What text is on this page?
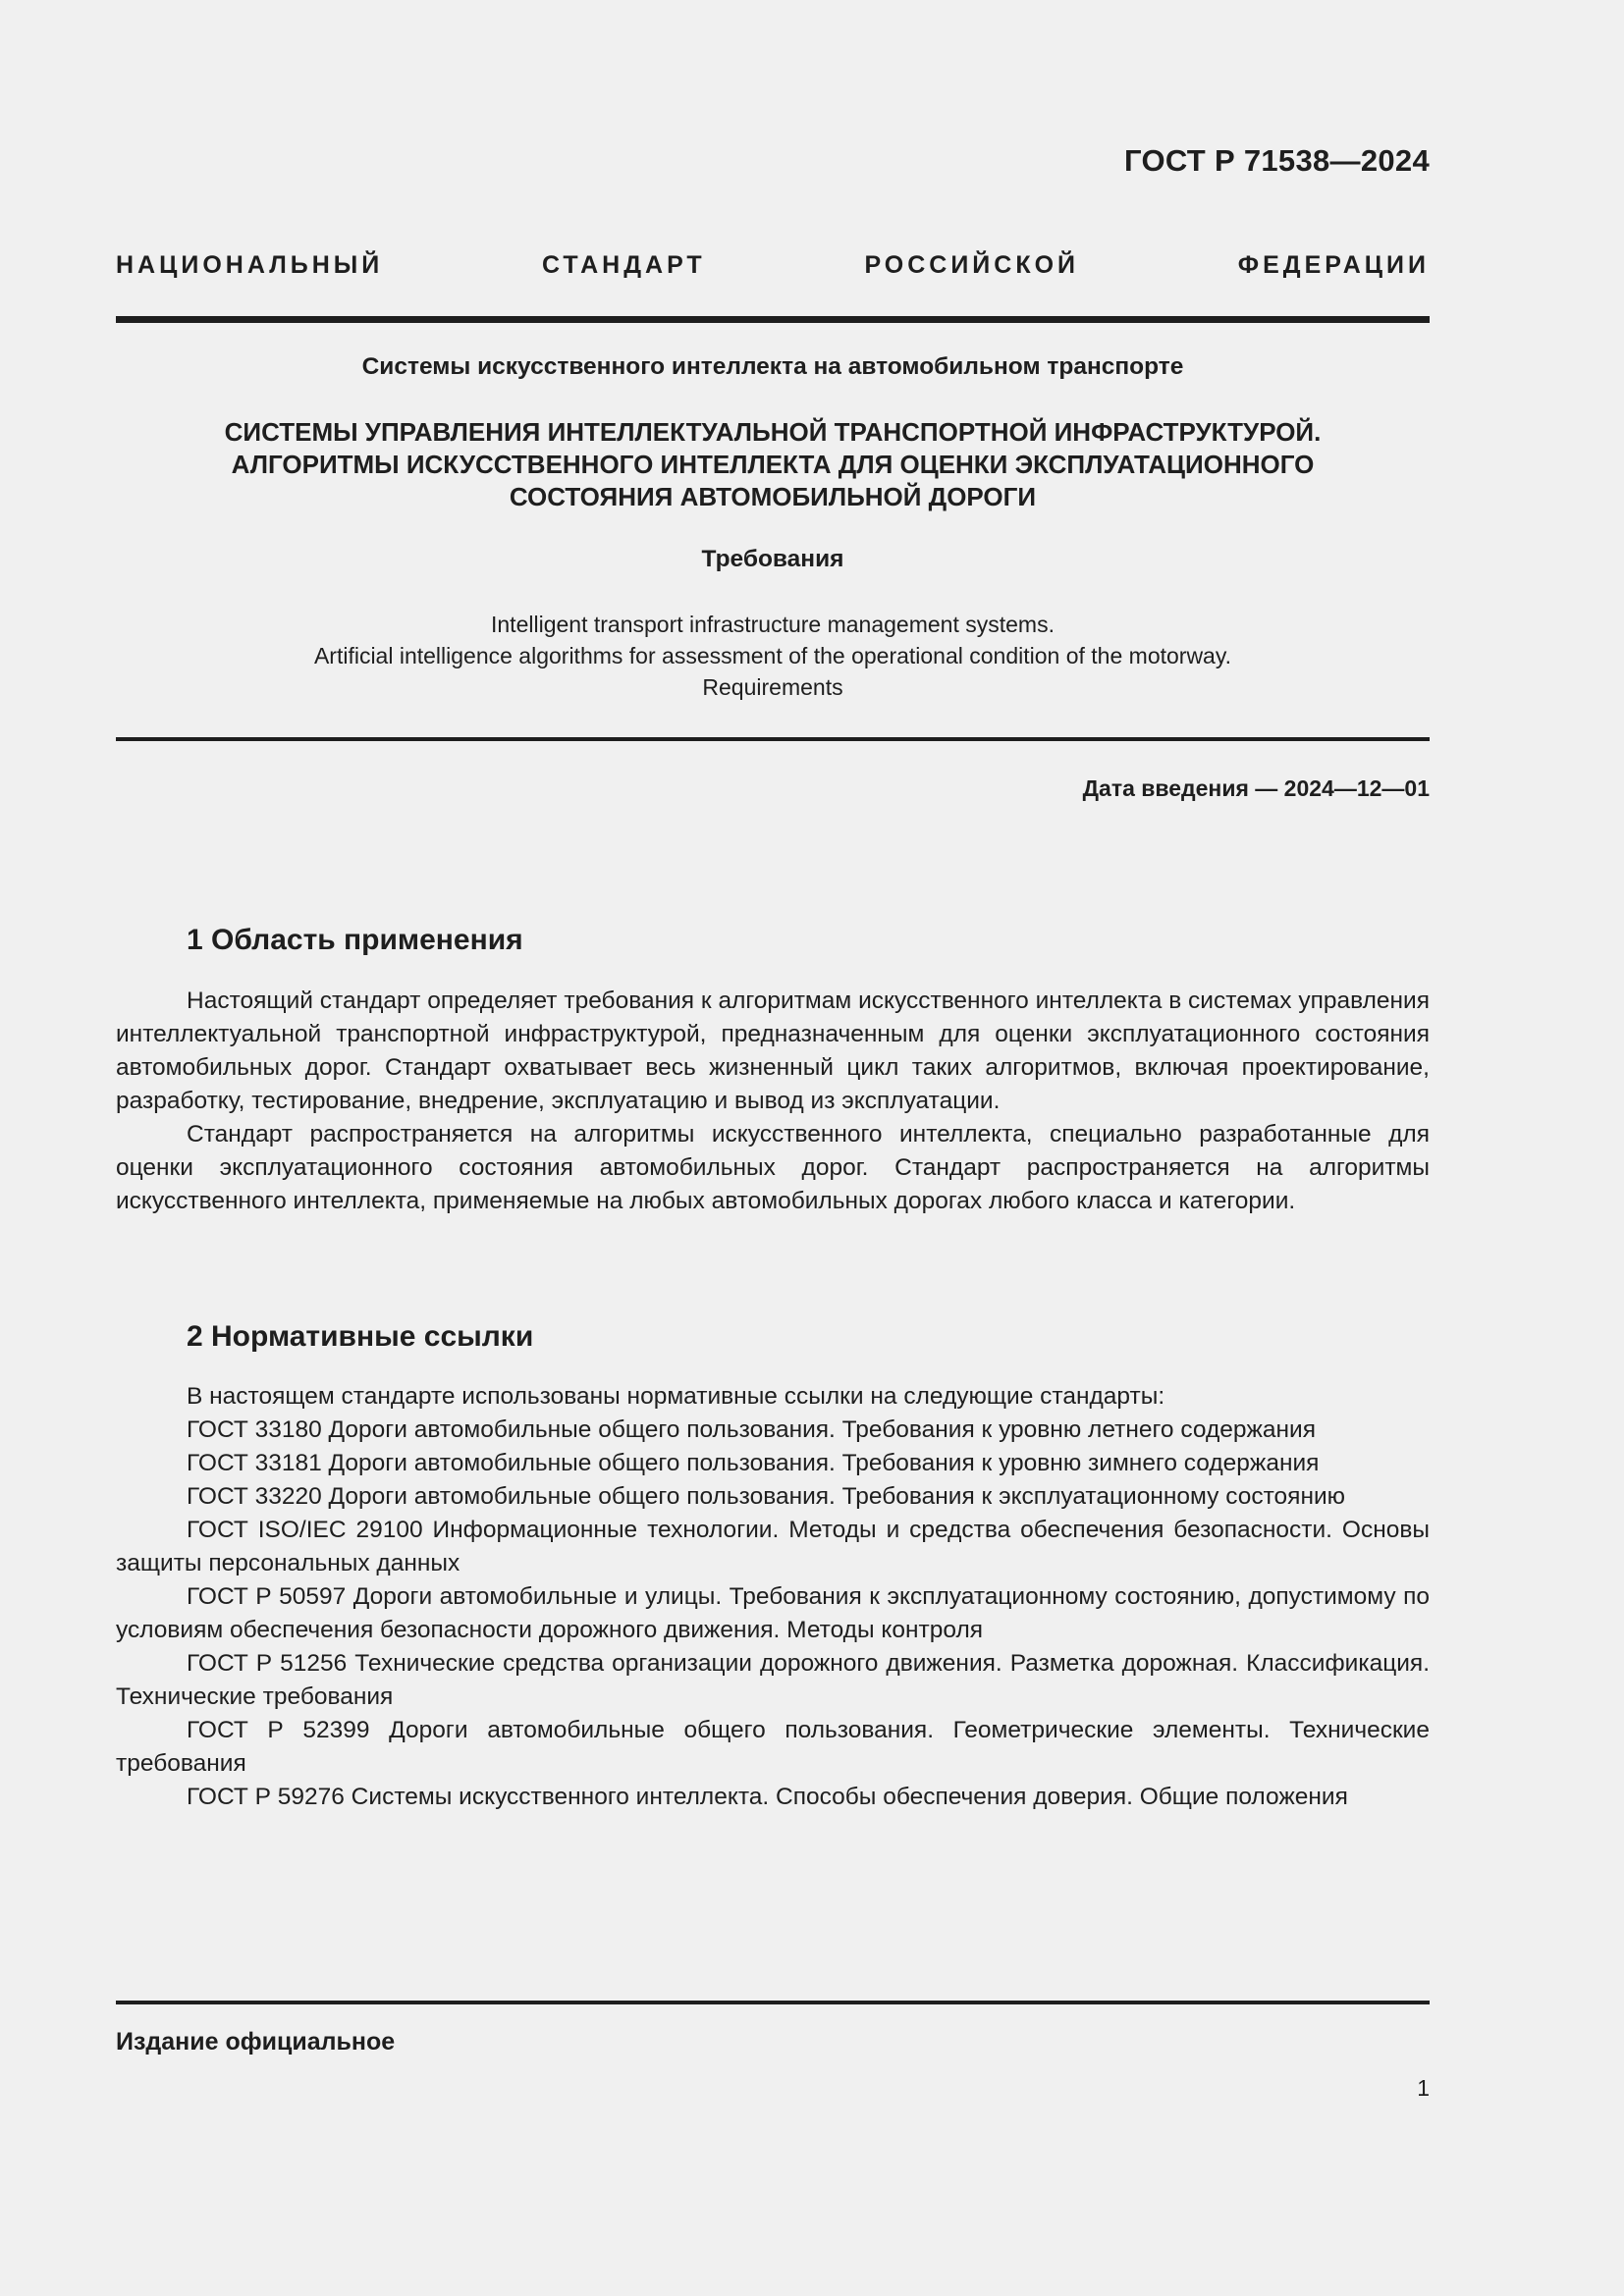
ГОСТ Р 71538—2024
НАЦИОНАЛЬНЫЙ СТАНДАРТ РОССИЙСКОЙ ФЕДЕРАЦИИ
Системы искусственного интеллекта на автомобильном транспорте
СИСТЕМЫ УПРАВЛЕНИЯ ИНТЕЛЛЕКТУАЛЬНОЙ ТРАНСПОРТНОЙ ИНФРАСТРУКТУРОЙ.
АЛГОРИТМЫ ИСКУССТВЕННОГО ИНТЕЛЛЕКТА ДЛЯ ОЦЕНКИ ЭКСПЛУАТАЦИОННОГО
СОСТОЯНИЯ АВТОМОБИЛЬНОЙ ДОРОГИ
Требования
Intelligent transport infrastructure management systems.
Artificial intelligence algorithms for assessment of the operational condition of the motorway.
Requirements
Дата введения — 2024—12—01
1 Область применения

Настоящий стандарт определяет требования к алгоритмам искусственного интеллекта в системах управления интеллектуальной транспортной инфраструктурой, предназначенным для оценки эксплуатационного состояния автомобильных дорог. Стандарт охватывает весь жизненный цикл таких алгоритмов, включая проектирование, разработку, тестирование, внедрение, эксплуатацию и вывод из эксплуатации.

Стандарт распространяется на алгоритмы искусственного интеллекта, специально разработанные для оценки эксплуатационного состояния автомобильных дорог. Стандарт распространяется на алгоритмы искусственного интеллекта, применяемые на любых автомобильных дорогах любого класса и категории.

2 Нормативные ссылки

В настоящем стандарте использованы нормативные ссылки на следующие стандарты:

ГОСТ 33180 Дороги автомобильные общего пользования. Требования к уровню летнего содержания

ГОСТ 33181 Дороги автомобильные общего пользования. Требования к уровню зимнего содержания

ГОСТ 33220 Дороги автомобильные общего пользования. Требования к эксплуатационному состоянию

ГОСТ ISO/IEC 29100 Информационные технологии. Методы и средства обеспечения безопасности. Основы защиты персональных данных

ГОСТ Р 50597 Дороги автомобильные и улицы. Требования к эксплуатационному состоянию, допустимому по условиям обеспечения безопасности дорожного движения. Методы контроля

ГОСТ Р 51256 Технические средства организации дорожного движения. Разметка дорожная. Классификация. Технические требования

ГОСТ Р 52399 Дороги автомобильные общего пользования. Геометрические элементы. Технические требования

ГОСТ Р 59276 Системы искусственного интеллекта. Способы обеспечения доверия. Общие положения

Издание официальное
1
